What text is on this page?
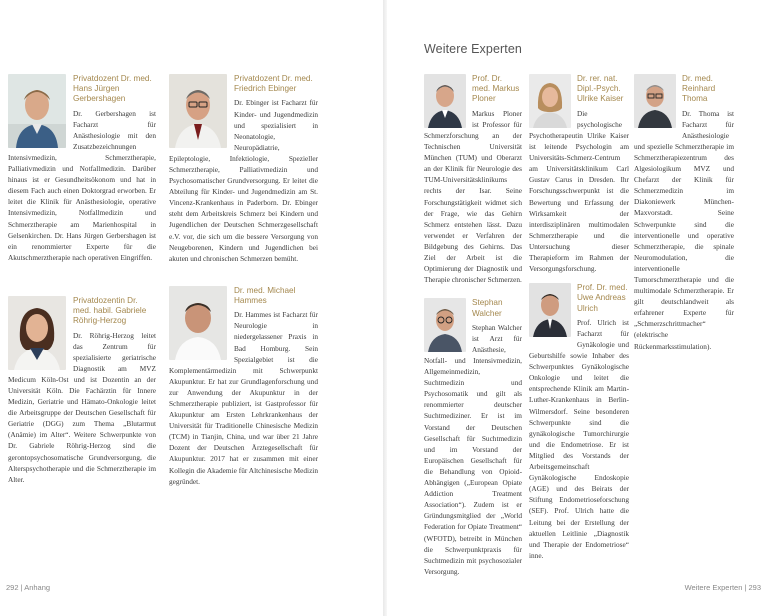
Weitere Experten
Privatdozent Dr. med. Hans Jürgen Gerbershagen
Dr. Gerbershagen ist Facharzt für Anästhesiologie mit den Zusatzbezeichnungen Intensivmedizin, Schmerztherapie, Palliativmedizin und Notfallmedizin. Darüber hinaus ist er Gesundheitsökonom und hat in diesem Fach auch einen Doktorgrad erworben. Er leitet die Klinik für Anästhesiologie, operative Intensivmedizin, Notfallmedizin und Schmerztherapie am Marienhospital in Gelsenkirchen. Dr. Hans Jürgen Gerbershagen ist ein renommierter Experte für die Akutschmerztherapie nach operativen Eingriffen.
Privatdozentin Dr. med. habil. Gabriele Röhrig-Herzog
Dr. Röhrig-Herzog leitet das Zentrum für spezialisierte geriatrische Diagnostik am MVZ Medicum Köln-Ost und ist Dozentin an der Universität Köln. Die Fachärztin für Innere Medizin, Geriatrie und Hämato-Onkologie leitet die Arbeitsgruppe der Deutschen Gesellschaft für Geriatrie (DGG) zum Thema „Blutarmut (Anämie) im Alter“. Weitere Schwerpunkte von Dr. Gabriele Röhrig-Herzog sind die gerontopsychosomatische Grundversorgung, die Alterspsychotherapie und die Schmerztherapie im Alter.
Privatdozent Dr. med. Friedrich Ebinger
Dr. Ebinger ist Facharzt für Kinder- und Jugendmedizin und spezialisiert in Neonatologie, Neuropädiatrie, Epileptologie, Infektiologie, Spezieller Schmerztherapie, Palliativmedizin und Psychosomatischer Grundversorgung. Er leitet die Abteilung für Kinder- und Jugendmedizin am St. Vincenz-Krankenhaus in Paderborn. Dr. Ebinger steht dem Arbeitskreis Schmerz bei Kindern und Jugendlichen der Deutschen Schmerzgesellschaft e.V. vor, die sich um die bessere Versorgung von Neugeborenen, Kindern und Jugendlichen bei akuten und chronischen Schmerzen bemüht.
Dr. med. Michael Hammes
Dr. Hammes ist Facharzt für Neurologie in niedergelassener Praxis in Bad Homburg. Sein Spezialgebiet ist die Komplementärmedizin mit Schwerpunkt Akupunktur. Er hat zur Grundlagenforschung und zur Anwendung der Akupunktur in der Schmerztherapie publiziert, ist Gastprofessor für Akupunktur am Ersten Lehrkrankenhaus der Universität für Traditionelle Chinesische Medizin (TCM) in Tianjin, China, und war über 21 Jahre Dozent der Deutschen Ärztegesellschaft für Akupunktur. 2017 hat er zusammen mit einer Kollegin die Akademie für Altchinesische Medizin gegründet.
Prof. Dr. med. Markus Ploner
Markus Ploner ist Professor für Schmerzforschung an der Technischen Universität München (TUM) und Oberarzt an der Klinik für Neurologie des TUM-Universitätsklinikums rechts der Isar. Seine Forschungstätigkeit widmet sich der Frage, wie das Gehirn Schmerz entstehen lässt. Dazu verwendet er Verfahren der Bildgebung des Gehirns. Das Ziel der Arbeit ist die Optimierung der Diagnostik und Therapie chronischer Schmerzen.
Stephan Walcher
Stephan Walcher ist Arzt für Anästhesie, Notfall- und Intensivmedizin, Allgemeinmedizin, Suchtmedizin und Psychosomatik und gilt als renommierter deutscher Suchtmediziner. Er ist im Vorstand der Deutschen Gesellschaft für Suchtmedizin und im Vorstand der Europäischen Gesellschaft für die Behandlung von Opioid-Abhängigen („European Opiate Addiction Treatment Association“). Zudem ist er Gründungsmitglied der „World Federation for Opiate Treatment“ (WFOTD), betreibt in München die Schwerpunktpraxis für Suchtmedizin mit psychosozialer Versorgung.
Dr. rer. nat. Dipl.-Psych. Ulrike Kaiser
Die psychologische Psychotherapeutin Ulrike Kaiser ist leitende Psychologin am Universitäts-Schmerz-Centrum am Universitätsklinikum Carl Gustav Carus in Dresden. Ihr Forschungsschwerpunkt ist die Bewertung und Erfassung der Wirksamkeit der interdisziplinären multimodalen Schmerztherapie und die Untersuchung dieser Therapieform im Rahmen der Versorgungsforschung.
Prof. Dr. med. Uwe Andreas Ulrich
Prof. Ulrich ist Facharzt für Gynäkologie und Geburtshilfe sowie Inhaber des Schwerpunktes Gynäkologische Onkologie und leitet die entsprechende Klinik am Martin-Luther-Krankenhaus in Berlin-Wilmersdorf. Seine besonderen Schwerpunkte sind die gynäkologische Tumorchirurgie und die Endometriose. Er ist Mitglied des Vorstands der Arbeitsgemeinschaft Gynäkologische Endoskopie (AGE) und des Beirats der Stiftung Endometrioseforschung (SEF). Prof. Ulrich hatte die Leitung bei der Erstellung der aktuellen Leitlinie „Diagnostik und Therapie der Endometriose“ inne.
Dr. med. Reinhard Thoma
Dr. Thoma ist Facharzt für Anästhesiologie und spezielle Schmerztherapie im Schmerztherapiezentrum des Algesiologikum MVZ und Chefarzt der Klinik für Schmerzmedizin im Diakoniewerk München-Maxvorstadt. Seine Schwerpunkte sind die interventionelle und operative Schmerztherapie, die spinale Neuromodulation, die interventionelle Tumorschmerztherapie und die multimodale Schmerztherapie. Er gilt deutschlandweit als erfahrener Experte für „Schmerzschrittmacher“ (elektrische Rückenmarksstimulation).
292 | Anhang	Weitere Experten | 293
